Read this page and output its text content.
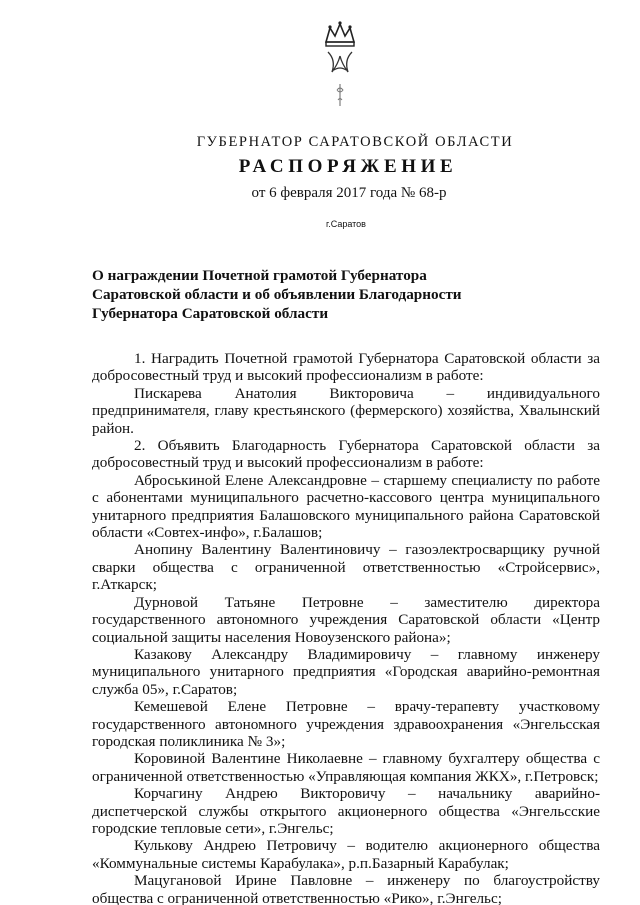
ГУБЕРНАТОР САРАТОВСКОЙ ОБЛАСТИ
РАСПОРЯЖЕНИЕ
от 6 февраля 2017 года № 68-р
г.Саратов
О награждении Почетной грамотой Губернатора
Саратовской области и об объявлении Благодарности
Губернатора Саратовской области

1. Наградить Почетной грамотой Губернатора Саратовской области за добросовестный труд и высокий профессионализм в работе:

Пискарева Анатолия Викторовича – индивидуального предпринимателя, главу крестьянского (фермерского) хозяйства, Хвалынский район.

2. Объявить Благодарность Губернатора Саратовской области за добросовестный труд и высокий профессионализм в работе:

Аброськиной Елене Александровне – старшему специалисту по работе с абонентами муниципального расчетно-кассового центра муниципального унитарного предприятия Балашовского муниципального района Саратовской области «Совтех-инфо», г.Балашов;

Анопину Валентину Валентиновичу – газоэлектросварщику ручной сварки общества с ограниченной ответственностью «Стройсервис», г.Аткарск;

Дурновой Татьяне Петровне – заместителю директора государственного автономного учреждения Саратовской области «Центр социальной защиты населения Новоузенского района»;

Казакову Александру Владимировичу – главному инженеру муниципального унитарного предприятия «Городская аварийно-ремонтная служба 05», г.Саратов;

Кемешевой Елене Петровне – врачу-терапевту участковому государственного автономного учреждения здравоохранения «Энгельсская городская поликлиника № 3»;

Коровиной Валентине Николаевне – главному бухгалтеру общества с ограниченной ответственностью «Управляющая компания ЖКХ», г.Петровск;

Корчагину Андрею Викторовичу – начальнику аварийно-диспетчерской службы открытого акционерного общества «Энгельсские городские тепловые сети», г.Энгельс;

Кулькову Андрею Петровичу – водителю акционерного общества «Коммунальные системы Карабулака», р.п.Базарный Карабулак;

Мацугановой Ирине Павловне – инженеру по благоустройству общества с ограниченной ответственностью «Рико», г.Энгельс;
